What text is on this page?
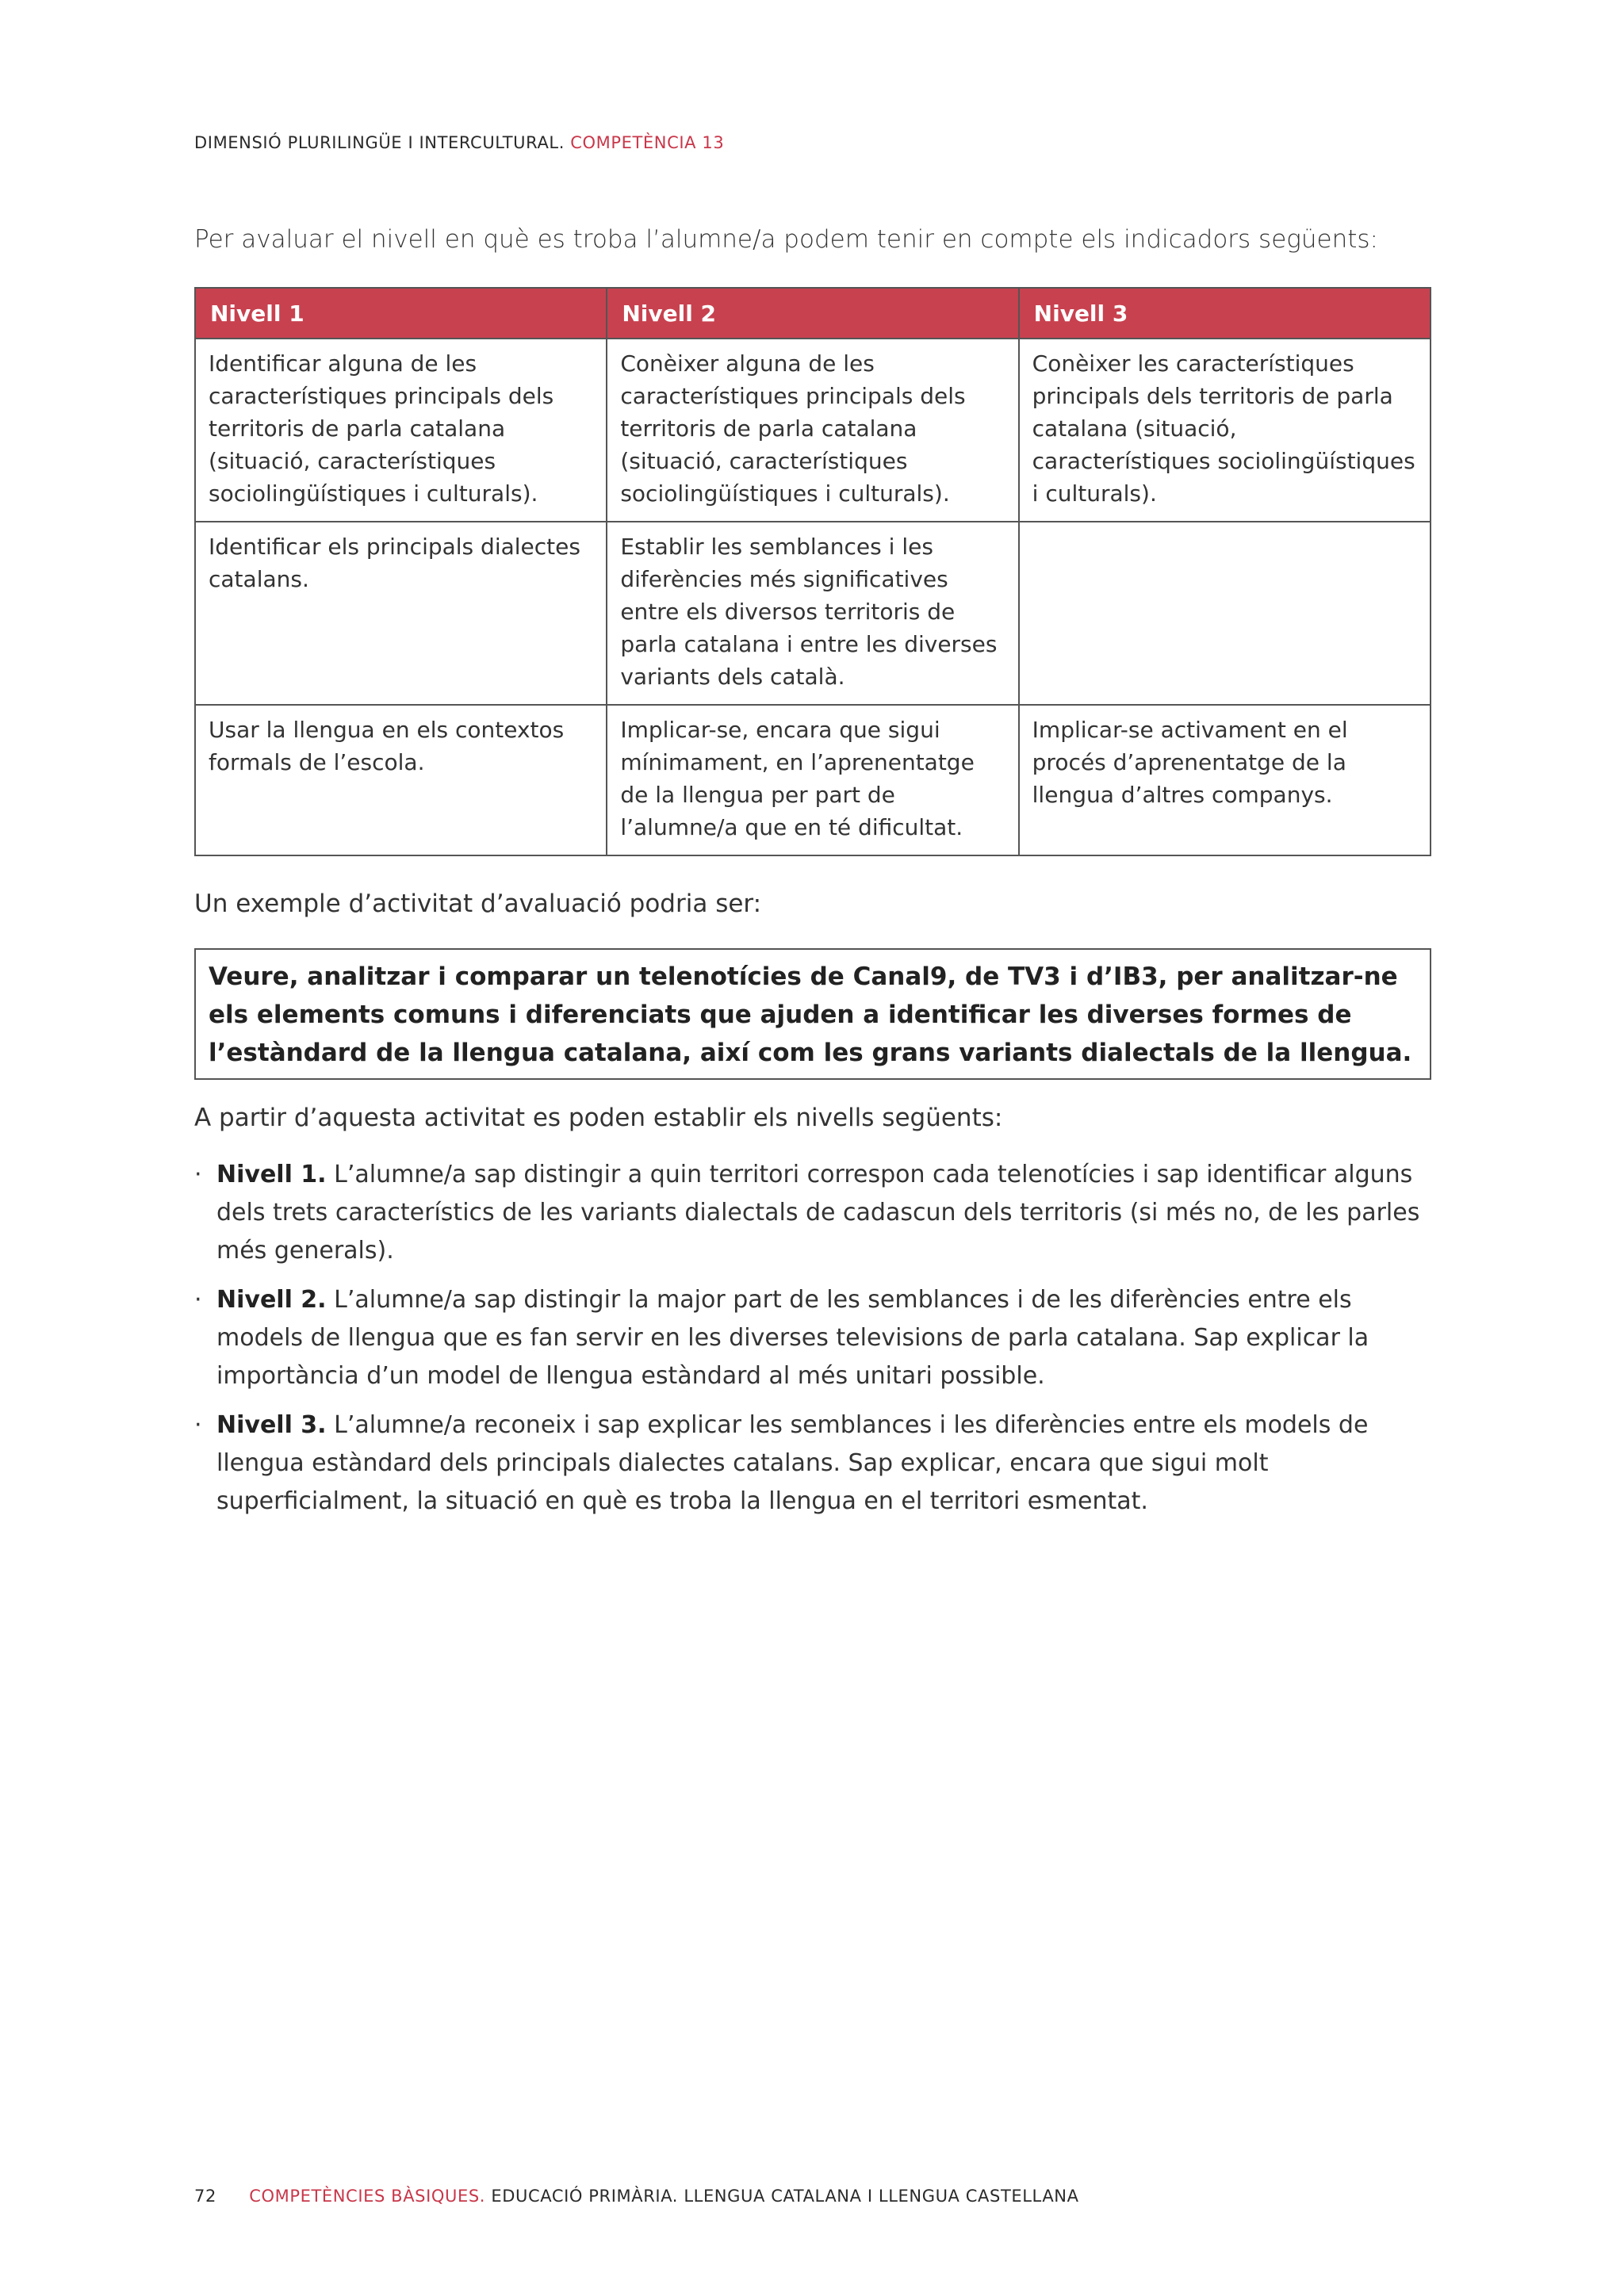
DIMENSIÓ PLURILINGÜE I INTERCULTURAL. COMPETÈNCIA 13
Per avaluar el nivell en què es troba l’alumne/a podem tenir en compte els indicadors següents:
Nivell 1	Nivell 2	Nivell 3
Identificar alguna de les característiques principals dels territoris de parla catalana (situació, característiques sociolingüístiques i culturals).	Conèixer alguna de les característiques principals dels territoris de parla catalana (situació, característiques sociolingüístiques i culturals).	Conèixer les característiques principals dels territoris de parla catalana (situació, característiques sociolingüístiques i culturals).
Identificar els principals dialectes catalans.	Establir les semblances i les diferències més significatives entre els diversos territoris de parla catalana i entre les diverses variants dels català.	
Usar la llengua en els contextos formals de l’escola.	Implicar-se, encara que sigui mínimament, en l’aprenentatge de la llengua per part de l’alumne/a que en té dificultat.	Implicar-se activament en el procés d’aprenentatge de la llengua d’altres companys.
Un exemple d’activitat d’avaluació podria ser:
Veure, analitzar i comparar un telenotícies de Canal9, de TV3 i d’IB3, per analitzar-ne els elements comuns i diferenciats que ajuden a identificar les diverses formes de l’estàndard de la llengua catalana, així com les grans variants dialectals de la llengua.
A partir d’aquesta activitat es poden establir els nivells següents:
· Nivell 1. L’alumne/a sap distingir a quin territori correspon cada telenotícies i sap identificar alguns dels trets característics de les variants dialectals de cadascun dels territoris (si més no, de les parles més generals).
· Nivell 2. L’alumne/a sap distingir la major part de les semblances i de les diferències entre els models de llengua que es fan servir en les diverses televisions de parla catalana. Sap explicar la importància d’un model de llengua estàndard al més unitari possible.
· Nivell 3. L’alumne/a reconeix i sap explicar les semblances i les diferències entre els models de llengua estàndard dels principals dialectes catalans. Sap explicar, encara que sigui molt superficialment, la situació en què es troba la llengua en el territori esmentat.
72 COMPETÈNCIES BÀSIQUES. EDUCACIÓ PRIMÀRIA. LLENGUA CATALANA I LLENGUA CASTELLANA
